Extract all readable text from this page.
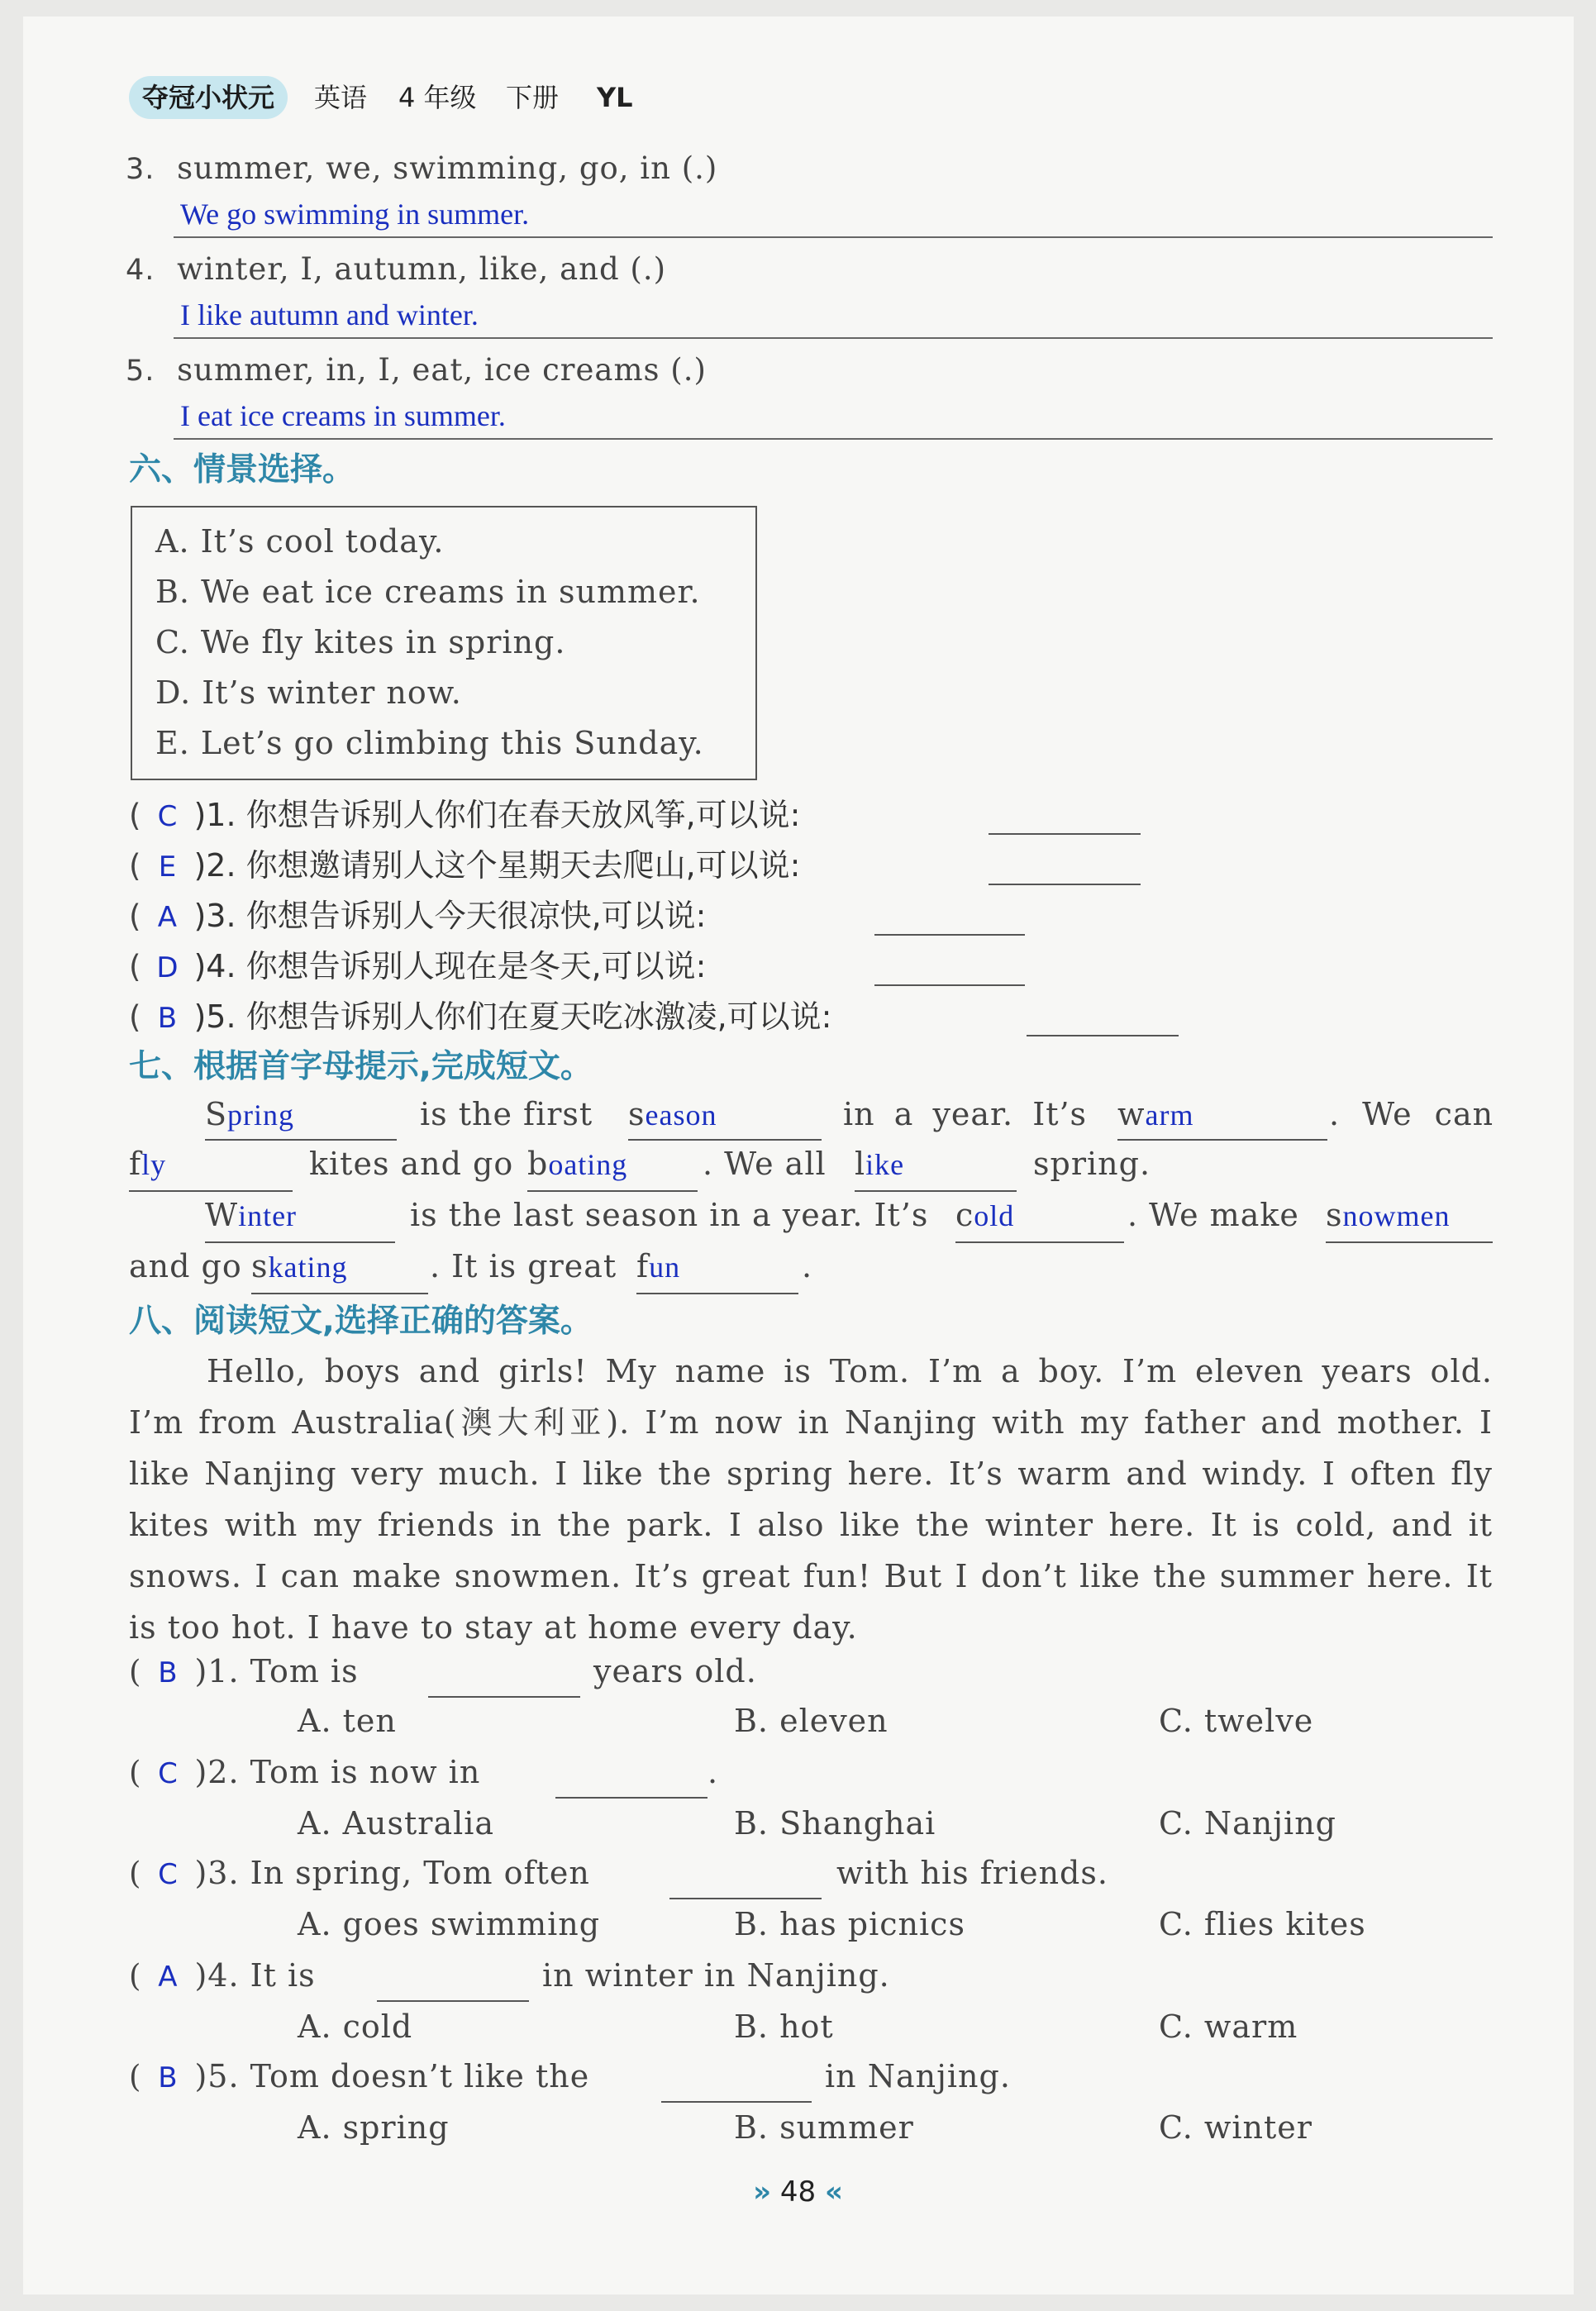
夺冠小状元	英语 4 年级 下册 YL
3. summer, we, swimming, go, in (.)
We go swimming in summer.
4. winter, I, autumn, like, and (.)
I like autumn and winter.
5. summer, in, I, eat, ice creams (.)
I eat ice creams in summer.
六、情景选择。
A. It’s cool today.
B. We eat ice creams in summer.
C. We fly kites in spring.
D. It’s winter now.
E. Let’s go climbing this Sunday.
( C )1. 你想告诉别人你们在春天放风筝,可以说:
( E )2. 你想邀请别人这个星期天去爬山,可以说:
( A )3. 你想告诉别人今天很凉快,可以说:
( D )4. 你想告诉别人现在是冬天,可以说:
( B )5. 你想告诉别人你们在夏天吃冰激凌,可以说:
七、根据首字母提示,完成短文。
Spring	is the first season	in a year. It’s warm	. We can
fly	kites and go boating . We all like	spring.
Winter	is the last season in a year. It’s cold	. We make snowmen
and go skating	. It is great fun	.
八、阅读短文,选择正确的答案。

Hello, boys and girls! My name is Tom. I’m a boy. I’m eleven years old.

I’m from Australia(澳大利亚). I’m now in Nanjing with my father and mother. I

like Nanjing very much. I like the spring here. It’s warm and windy. I often fly

kites with my friends in the park. I also like the winter here. It is cold, and it

snows. I can make snowmen. It’s great fun! But I don’t like the summer here. It

is too hot. I have to stay at home every day.

( B )1. Tom is	years old.
A. ten	B. eleven	C. twelve
( C )2. Tom is now in	.
A. Australia	B. Shanghai	C. Nanjing
( C )3. In spring, Tom often	with his friends.
A. goes swimming	B. has picnics	C. flies kites
( A )4. It is	in winter in Nanjing.
A. cold	B. hot	C. warm
( B )5. Tom doesn’t like the	in Nanjing.
A. spring	B. summer	C. winter
» 48 «
